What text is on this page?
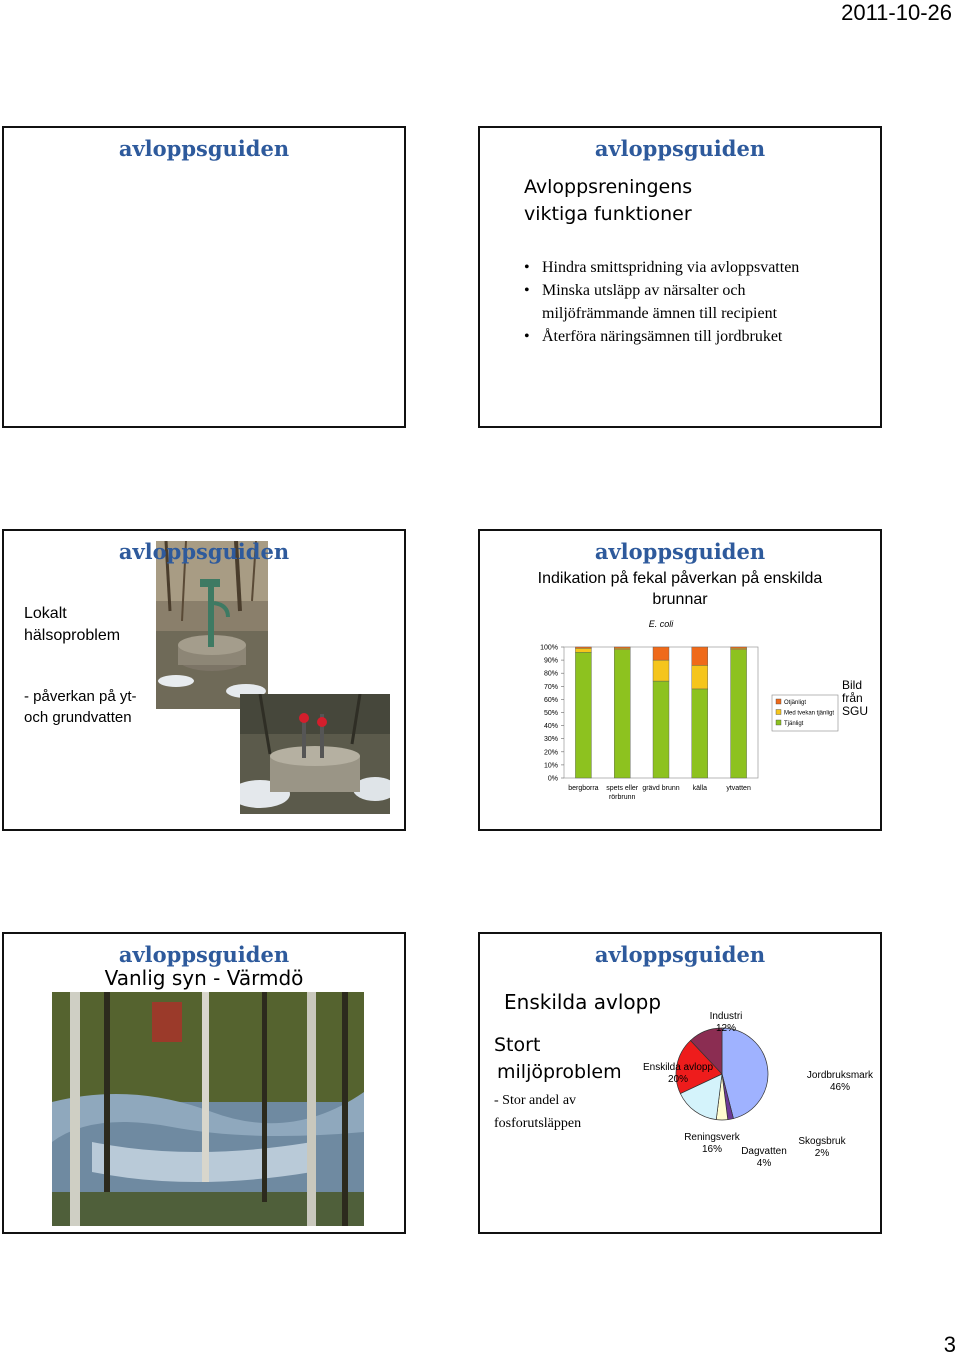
2011-10-26
avloppsguiden	avloppsguiden
Avloppsreningens
viktiga funktioner
• Hindra smittspridning via avloppsvatten
• Minska utsläpp av närsalter och
miljöfrämmande ämnen till recipient
• Återföra näringsämnen till jordbruket
Lokalt
hälsoproblem
- påverkan på yt-
och grundvatten
avloppsguiden	avloppsguiden
Indikation på fekal påverkan på enskilda
brunnar
Bild
från
SGU
E. coli
0%
10%
20%
30%
40%
50%
60%
70%
80%
90%
100%
bergborra spets eller
rörbrunn
grävd brunn källa	ytvatten
Otjänligt
Med tvekan tjänligt
Tjänligt
avloppsguiden
Vanlig syn - Värmdö
avloppsguiden
Enskilda avlopp
Stort
miljöproblem
- Stor andel av
fosforutsläppen
Jordbruksmark
46%
Skogsbruk
2%
Dagvatten
4%
Reningsverk
16%
Enskilda avlopp
20%
Industri
12%
3
